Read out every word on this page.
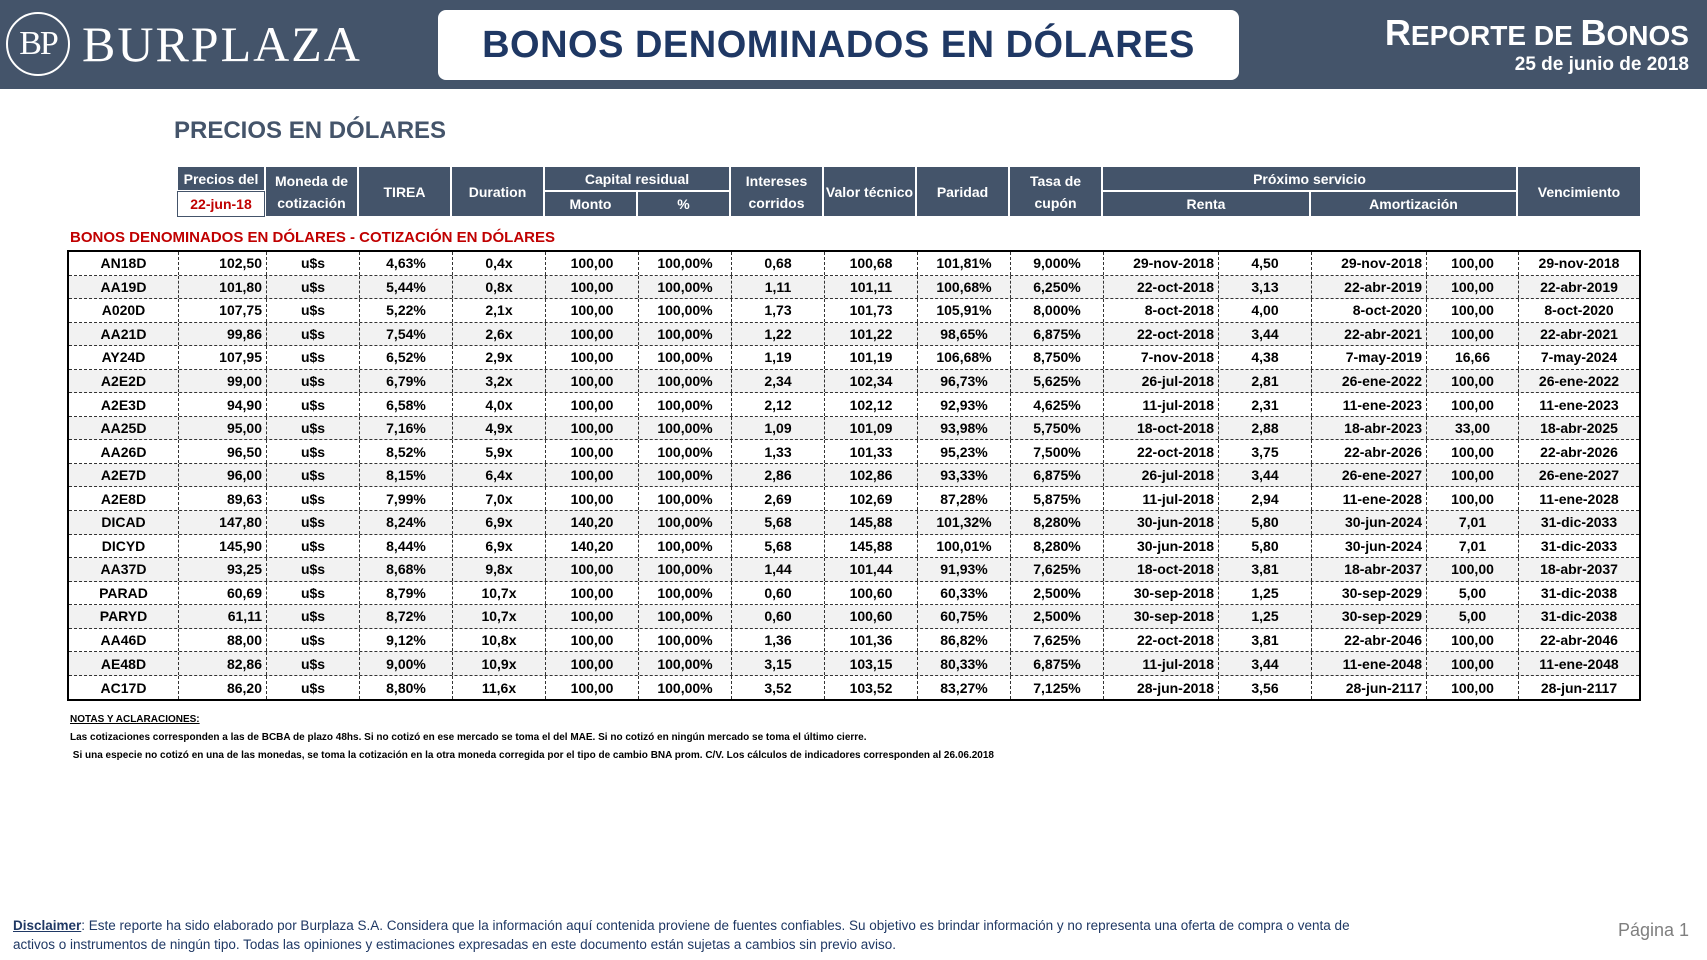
BP BURPLAZA	BONOS DENOMINADOS EN DÓLARES	REPORTE DE BONOS
25 de junio de 2018
PRECIOS EN DÓLARES
Precios del
22-jun-18
Moneda de cotización
TIREA	Duration
Capital residual
Monto	%
Intereses corridos
Valor técnico	Paridad
Tasa de cupón
Próximo servicio
Renta	Amortización
Vencimiento
BONOS DENOMINADOS EN DÓLARES - COTIZACIÓN EN DÓLARES
AN18D	102,50	u$s	4,63%	0,4x	100,00	100,00%	0,68	100,68	101,81%	9,000%	29-nov-2018	4,50	29-nov-2018	100,00	29-nov-2018
AA19D	101,80	u$s	5,44%	0,8x	100,00	100,00%	1,11	101,11	100,68%	6,250%	22-oct-2018	3,13	22-abr-2019	100,00	22-abr-2019
A020D	107,75	u$s	5,22%	2,1x	100,00	100,00%	1,73	101,73	105,91%	8,000%	8-oct-2018	4,00	8-oct-2020	100,00	8-oct-2020
AA21D	99,86	u$s	7,54%	2,6x	100,00	100,00%	1,22	101,22	98,65%	6,875%	22-oct-2018	3,44	22-abr-2021	100,00	22-abr-2021
AY24D	107,95	u$s	6,52%	2,9x	100,00	100,00%	1,19	101,19	106,68%	8,750%	7-nov-2018	4,38	7-may-2019	16,66	7-may-2024
A2E2D	99,00	u$s	6,79%	3,2x	100,00	100,00%	2,34	102,34	96,73%	5,625%	26-jul-2018	2,81	26-ene-2022	100,00	26-ene-2022
A2E3D	94,90	u$s	6,58%	4,0x	100,00	100,00%	2,12	102,12	92,93%	4,625%	11-jul-2018	2,31	11-ene-2023	100,00	11-ene-2023
AA25D	95,00	u$s	7,16%	4,9x	100,00	100,00%	1,09	101,09	93,98%	5,750%	18-oct-2018	2,88	18-abr-2023	33,00	18-abr-2025
AA26D	96,50	u$s	8,52%	5,9x	100,00	100,00%	1,33	101,33	95,23%	7,500%	22-oct-2018	3,75	22-abr-2026	100,00	22-abr-2026
A2E7D	96,00	u$s	8,15%	6,4x	100,00	100,00%	2,86	102,86	93,33%	6,875%	26-jul-2018	3,44	26-ene-2027	100,00	26-ene-2027
A2E8D	89,63	u$s	7,99%	7,0x	100,00	100,00%	2,69	102,69	87,28%	5,875%	11-jul-2018	2,94	11-ene-2028	100,00	11-ene-2028
DICAD	147,80	u$s	8,24%	6,9x	140,20	100,00%	5,68	145,88	101,32%	8,280%	30-jun-2018	5,80	30-jun-2024	7,01	31-dic-2033
DICYD	145,90	u$s	8,44%	6,9x	140,20	100,00%	5,68	145,88	100,01%	8,280%	30-jun-2018	5,80	30-jun-2024	7,01	31-dic-2033
AA37D	93,25	u$s	8,68%	9,8x	100,00	100,00%	1,44	101,44	91,93%	7,625%	18-oct-2018	3,81	18-abr-2037	100,00	18-abr-2037
PARAD	60,69	u$s	8,79%	10,7x	100,00	100,00%	0,60	100,60	60,33%	2,500%	30-sep-2018	1,25	30-sep-2029	5,00	31-dic-2038
PARYD	61,11	u$s	8,72%	10,7x	100,00	100,00%	0,60	100,60	60,75%	2,500%	30-sep-2018	1,25	30-sep-2029	5,00	31-dic-2038
AA46D	88,00	u$s	9,12%	10,8x	100,00	100,00%	1,36	101,36	86,82%	7,625%	22-oct-2018	3,81	22-abr-2046	100,00	22-abr-2046
AE48D	82,86	u$s	9,00%	10,9x	100,00	100,00%	3,15	103,15	80,33%	6,875%	11-jul-2018	3,44	11-ene-2048	100,00	11-ene-2048
AC17D	86,20	u$s	8,80%	11,6x	100,00	100,00%	3,52	103,52	83,27%	7,125%	28-jun-2018	3,56	28-jun-2117	100,00	28-jun-2117
NOTAS Y ACLARACIONES:
Las cotizaciones corresponden a las de BCBA de plazo 48hs. Si no cotizó en ese mercado se toma el del MAE. Si no cotizó en ningún mercado se toma el último cierre.
Si una especie no cotizó en una de las monedas, se toma la cotización en la otra moneda corregida por el tipo de cambio BNA prom. C/V. Los cálculos de indicadores corresponden al 26.06.2018
Disclaimer: Este reporte ha sido elaborado por Burplaza S.A. Considera que la información aquí contenida proviene de fuentes confiables. Su objetivo es brindar información y no representa una oferta de compra o venta de activos o instrumentos de ningún tipo. Todas las opiniones y estimaciones expresadas en este documento están sujetas a cambios sin previo aviso.
Página 1
